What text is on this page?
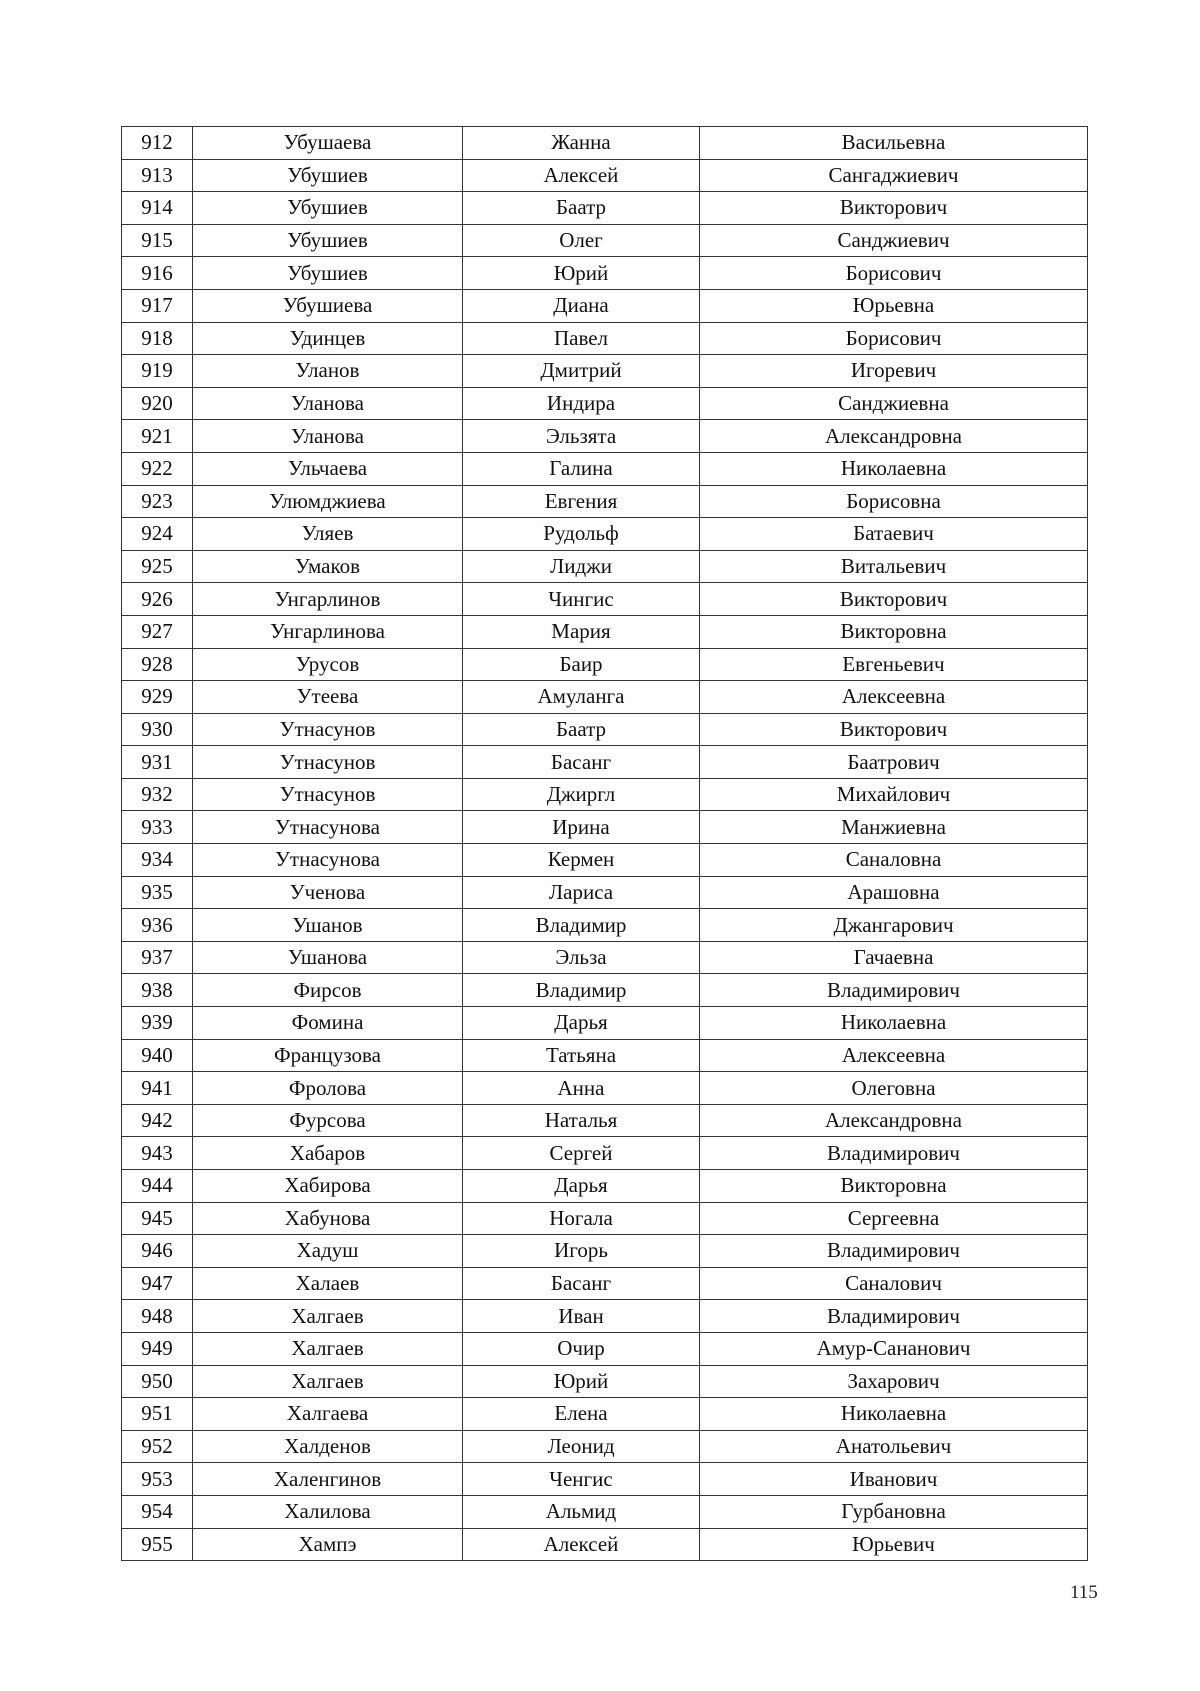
912	Убушаева	Жанна	Васильевна
913	Убушиев	Алексей	Сангаджиевич
914	Убушиев	Баатр	Викторович
915	Убушиев	Олег	Санджиевич
916	Убушиев	Юрий	Борисович
917	Убушиева	Диана	Юрьевна
918	Удинцев	Павел	Борисович
919	Уланов	Дмитрий	Игоревич
920	Уланова	Индира	Санджиевна
921	Уланова	Эльзята	Александровна
922	Ульчаева	Галина	Николаевна
923	Улюмджиева	Евгения	Борисовна
924	Уляев	Рудольф	Батаевич
925	Умаков	Лиджи	Витальевич
926	Унгарлинов	Чингис	Викторович
927	Унгарлинова	Мария	Викторовна
928	Урусов	Баир	Евгеньевич
929	Утеева	Амуланга	Алексеевна
930	Утнасунов	Баатр	Викторович
931	Утнасунов	Басанг	Баатрович
932	Утнасунов	Джиргл	Михайлович
933	Утнасунова	Ирина	Манжиевна
934	Утнасунова	Кермен	Саналовна
935	Ученова	Лариса	Арашовна
936	Ушанов	Владимир	Джангарович
937	Ушанова	Эльза	Гачаевна
938	Фирсов	Владимир	Владимирович
939	Фомина	Дарья	Николаевна
940	Французова	Татьяна	Алексеевна
941	Фролова	Анна	Олеговна
942	Фурсова	Наталья	Александровна
943	Хабаров	Сергей	Владимирович
944	Хабирова	Дарья	Викторовна
945	Хабунова	Ногала	Сергеевна
946	Хадуш	Игорь	Владимирович
947	Халаев	Басанг	Саналович
948	Халгаев	Иван	Владимирович
949	Халгаев	Очир	Амур-Сананович
950	Халгаев	Юрий	Захарович
951	Халгаева	Елена	Николаевна
952	Халденов	Леонид	Анатольевич
953	Халенгинов	Ченгис	Иванович
954	Халилова	Альмид	Гурбановна
955	Хампэ	Алексей	Юрьевич
115
